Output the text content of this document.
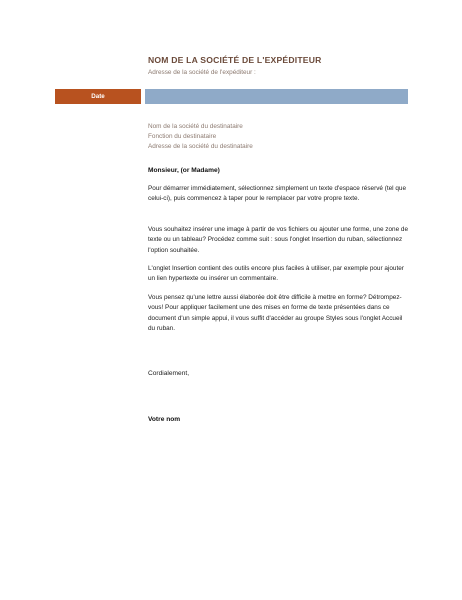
NOM DE LA SOCIÉTÉ DE L'EXPÉDITEUR
Adresse de la société de l'expéditeur :
Date
Nom de la société du destinataire
Fonction du destinataire
Adresse de la société du destinataire
Monsieur, (or Madame)
Pour démarrer immédiatement, sélectionnez simplement un texte d'espace réservé (tel que celui-ci), puis commencez à taper pour le remplacer par votre propre texte.
Vous souhaitez insérer une image à partir de vos fichiers ou ajouter une forme, une zone de texte ou un tableau? Procédez comme suit : sous l'onglet Insertion du ruban, sélectionnez l'option souhaitée.
L'onglet Insertion contient des outils encore plus faciles à utiliser, par exemple pour ajouter un lien hypertexte ou insérer un commentaire.
Vous pensez qu'une lettre aussi élaborée doit être difficile à mettre en forme? Détrompez-vous! Pour appliquer facilement une des mises en forme de texte présentées dans ce document d'un simple appui, il vous suffit d'accéder au groupe Styles sous l'onglet Accueil du ruban.
Cordialement,
Votre nom
